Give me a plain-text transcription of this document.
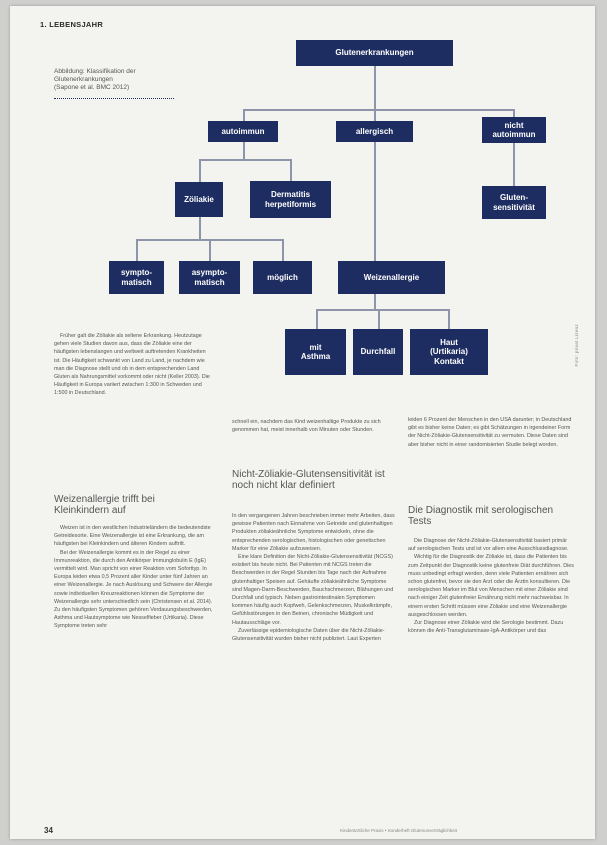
1. LEBENSJAHR
Abbildung: Klassifikation der
Glutenerkrankungen
(Sapone et al. BMC 2012)
Glutenerkrankungen
autoimmun	allergisch
nicht
autoimmun
Zöliakie
Dermatitis
herpetiformis
Gluten-
sensitivität
sympto-
matisch
asympto-
matisch
möglich	Weizenallergie
mit
Asthma
Durchfall
Haut
(Urtikaria)
Kontakt

Früher galt die Zöliakie als seltene Erkrankung. Heutzutage gehen viele Studien davon aus, dass die Zöliakie eine der häufigsten lebenslangen und weltweit auftretenden Krankheiten ist. Die Häufigkeit schwankt von Land zu Land, je nachdem wie man die Diagnose stellt und ob in dem entsprechenden Land Gluten als Nahrungsmittel vorkommt oder nicht (Keller 2003). Die Häufigkeit in Europa variiert zwischen 1:300 in Schweden und 1:500 in Deutschland.

Weizenallergie trifft bei Kleinkindern auf

Weizen ist in den westlichen Industrieländern die bedeutendste Getreidesorte. Eine Weizenallergie ist eine Erkrankung, die am häufigsten bei Kleinkindern und älteren Kindern auftritt.

Bei der Weizenallergie kommt es in der Regel zu einer Immunreaktion, die durch den Antikörper Immunglobulin E (IgE) vermittelt wird. Man spricht von einer Reaktion vom Soforttyp. In Europa leiden etwa 0,5 Prozent aller Kinder unter fünf Jahren an einer Weizenallergie. Je nach Auslösung und Schwere der Allergie sowie individuellen Kreuzreaktionen können die Symptome der Weizenallergie sehr unterschiedlich sein (Christensen et al. 2014). Zu den häufigsten Symptomen gehören Verdauungsbeschwerden, Asthma und Hautsymptome wie Nesselfieber (Urtikaria). Diese Symptome treten sehr

schnell ein, nachdem das Kind weizenhaltige Produkte zu sich genommen hat, meist innerhalb von Minuten oder Stunden.

Nicht-Zöliakie-Glutensensitivität ist noch nicht klar definiert

In den vergangenen Jahren beschrieben immer mehr Arbeiten, dass gewisse Patienten nach Einnahme von Getreide und glutenhaltigen Produkten zöliakieähnliche Symptome entwickeln, ohne die entsprechenden serologischen, histologischen oder genetischen Marker für eine Zöliakie aufzuweisen.

Eine klare Definition der Nicht-Zöliakie-Glutensensitivität (NCGS) existiert bis heute nicht. Bei Patienten mit NCGS treten die Beschwerden in der Regel Stunden bis Tage nach der Aufnahme glutenhaltiger Speisen auf. Gehäufte zöliakieähnliche Symptome sind Magen-Darm-Beschwerden, Bauchschmerzen, Blähungen und Durchfall und typisch. Neben gastrointestinalen Symptomen kommen häufig auch Kopfweh, Gelenkschmerzen, Muskelkrämpfe, Gefühlsstörungen in den Beinen, chronische Müdigkeit und Hautausschläge vor.

Zuverlässige epidemiologische Daten über die Nicht-Zöliakie-Glutensensitivität wurden bisher nicht publiziert. Laut Experten

leiden 6 Prozent der Menschen in den USA darunter; in Deutschland gibt es bisher keine Daten; es gibt Schätzungen in irgendeiner Form der Nicht-Zöliakie-Glutensensitivität zu vermuten. Diese Daten sind aber bisher nicht in einer randomisierten Studie belegt worden.

Die Diagnostik mit serologischen Tests

Die Diagnose der Nicht-Zöliakie-Glutensensitivität basiert primär auf serologischen Tests und ist vor allem eine Ausschlussdiagnose.

Wichtig für die Diagnostik der Zöliakie ist, dass die Patienten bis zum Zeitpunkt der Diagnostik keine glutenfreie Diät durchführen. Dies muss unbedingt erfragt werden, denn viele Patienten ernähren sich schon glutenfrei, bevor sie den Arzt oder die Ärztin konsultieren. Die serologischen Marker im Blut von Menschen mit einer Zöliakie sind nach einiger Zeit glutenfreier Ernährung nicht mehr nachweisbar. In einem ersten Schritt müssen eine Zöliakie und eine Weizenallergie ausgeschlossen werden.

Zur Diagnose einer Zöliakie wird die Serologie bestimmt. Dazu können die Anti-Transglutaminase-IgA-Antikörper und das

Foto: privat Lizenz
34	Kinderärztliche Praxis • Sonderheft Glutenunverträglichkeit
